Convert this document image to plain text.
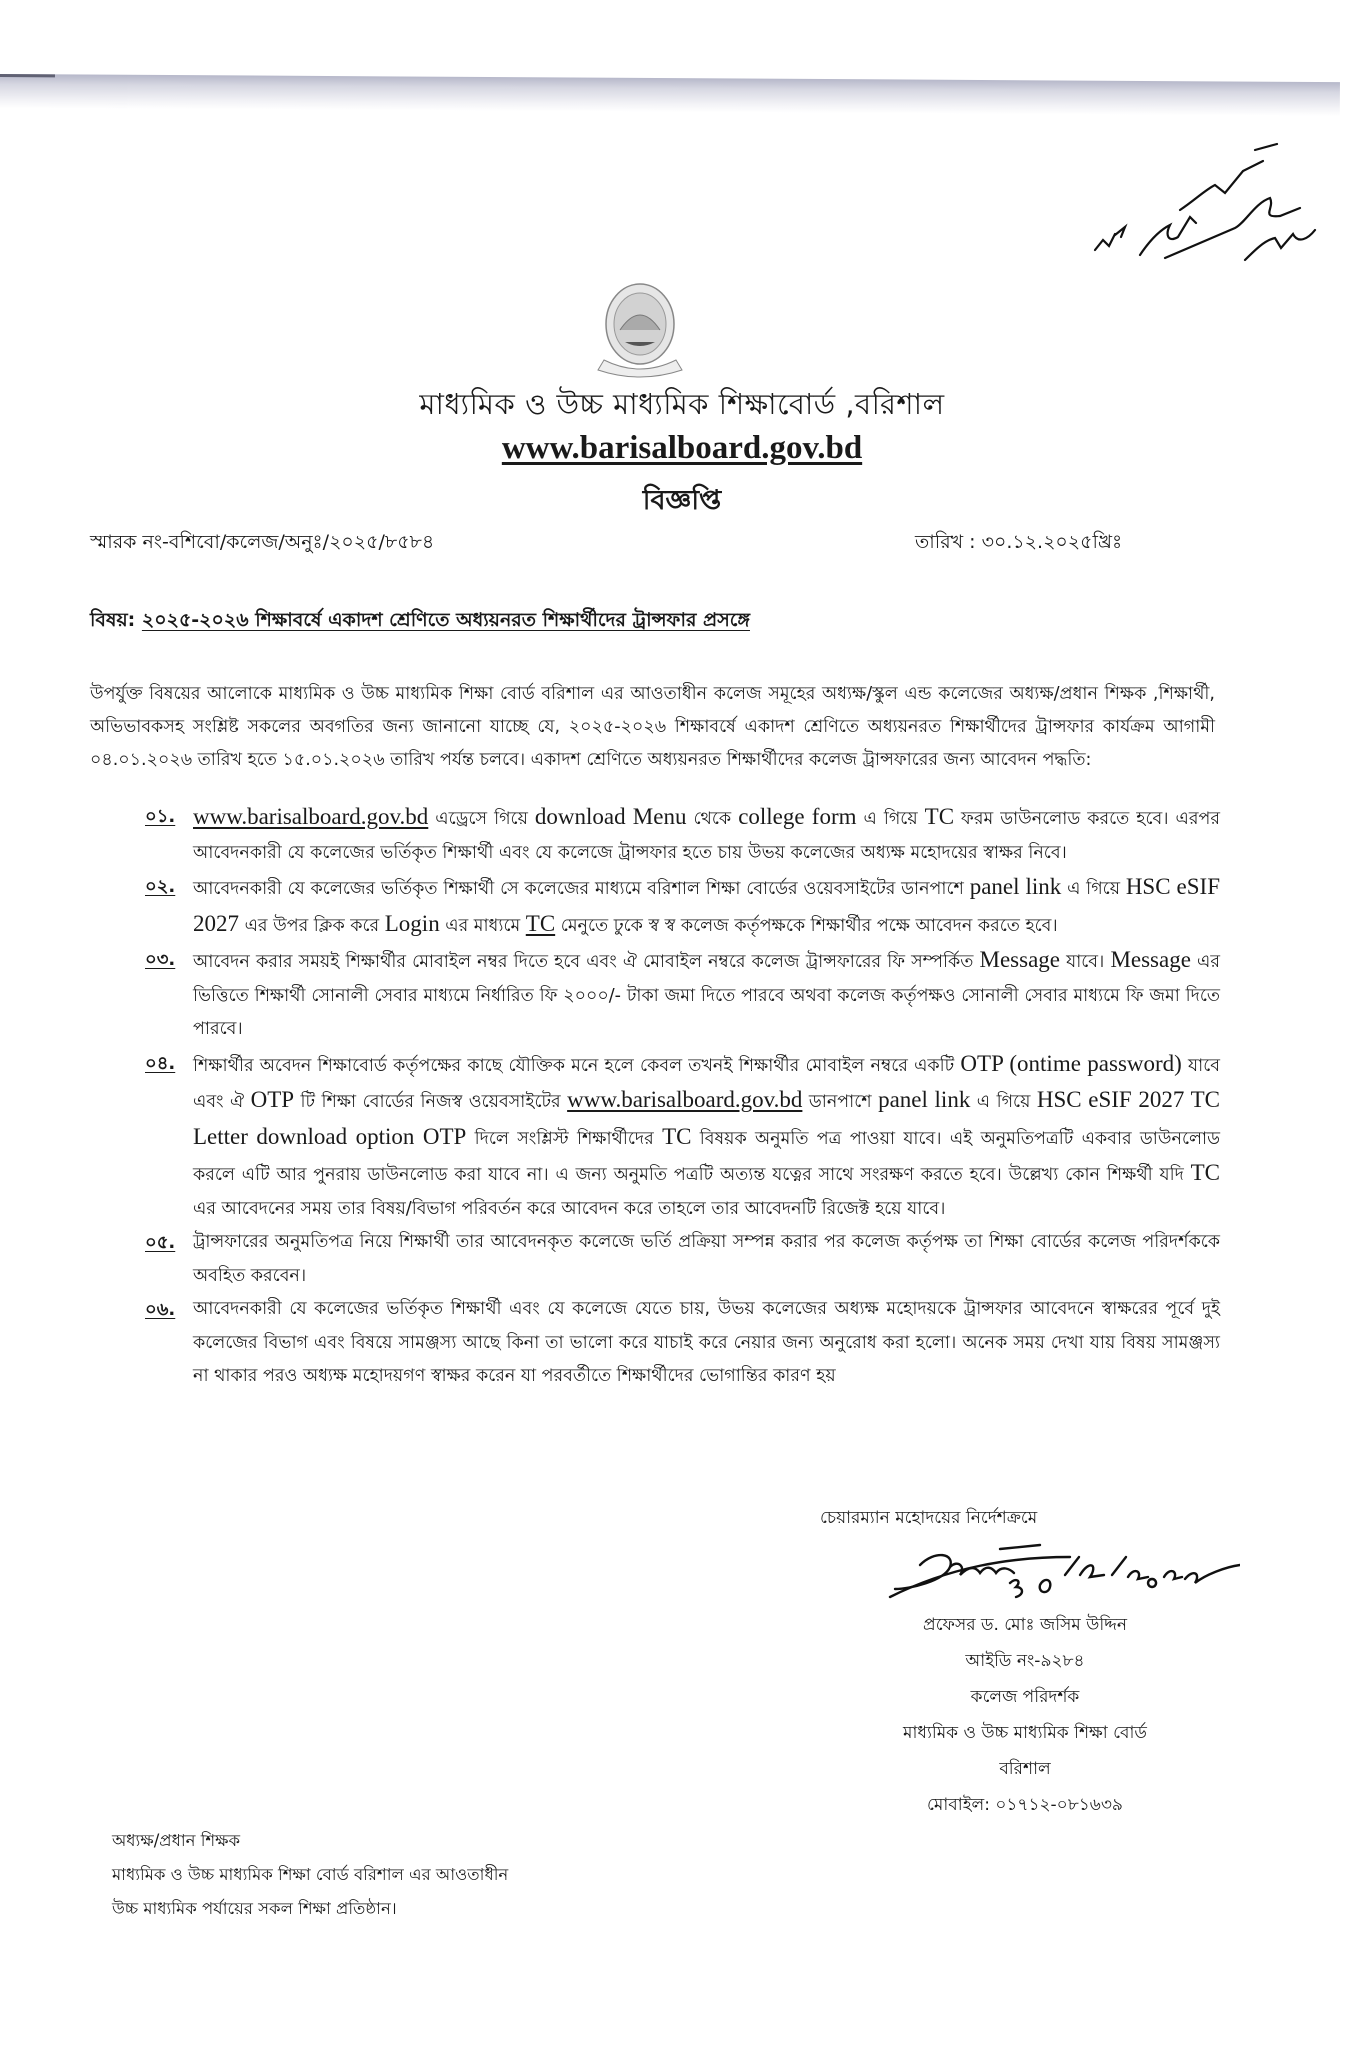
মাধ্যমিক ও উচ্চ মাধ্যমিক শিক্ষাবোর্ড ,বরিশাল
www.barisalboard.gov.bd
বিজ্ঞপ্তি
স্মারক নং-বশিবো/কলেজ/অনুঃ/২০২৫/৮৫৮৪	তারিখ : ৩০.১২.২০২৫খ্রিঃ
বিষয়: ২০২৫-২০২৬ শিক্ষাবর্ষে একাদশ শ্রেণিতে অধ্যয়নরত শিক্ষার্থীদের ট্রান্সফার প্রসঙ্গে
উপর্যুক্ত বিষয়ের আলোকে মাধ্যমিক ও উচ্চ মাধ্যমিক শিক্ষা বোর্ড বরিশাল এর আওতাধীন কলেজ সমূহের অধ্যক্ষ/স্কুল এন্ড কলেজের অধ্যক্ষ/প্রধান শিক্ষক ,শিক্ষার্থী, অভিভাবকসহ সংশ্লিষ্ট সকলের অবগতির জন্য জানানো যাচ্ছে যে, ২০২৫-২০২৬ শিক্ষাবর্ষে একাদশ শ্রেণিতে অধ্যয়নরত শিক্ষার্থীদের ট্রান্সফার কার্যক্রম আগামী ০৪.০১.২০২৬ তারিখ হতে ১৫.০১.২০২৬ তারিখ পর্যন্ত চলবে। একাদশ শ্রেণিতে অধ্যয়নরত শিক্ষার্থীদের কলেজ ট্রান্সফারের জন্য আবেদন পদ্ধতি:
০১. www.barisalboard.gov.bd এড্রেসে গিয়ে download Menu থেকে college form এ গিয়ে TC ফরম ডাউনলোড করতে হবে। এরপর আবেদনকারী যে কলেজের ভর্তিকৃত শিক্ষার্থী এবং যে কলেজে ট্রান্সফার হতে চায় উভয় কলেজের অধ্যক্ষ মহোদয়ের স্বাক্ষর নিবে।
০২.	আবেদনকারী যে কলেজের ভর্তিকৃত শিক্ষার্থী সে কলেজের মাধ্যমে বরিশাল শিক্ষা বোর্ডের ওয়েবসাইটের ডানপাশে panel link এ গিয়ে HSC eSIF 2027 এর উপর ক্লিক করে Login এর মাধ্যমে TC মেনুতে ঢুকে স্ব স্ব কলেজ কর্তৃপক্ষকে শিক্ষার্থীর পক্ষে আবেদন করতে হবে।
০৩.	আবেদন করার সময়ই শিক্ষার্থীর মোবাইল নম্বর দিতে হবে এবং ঐ মোবাইল নম্বরে কলেজ ট্রান্সফারের ফি সম্পর্কিত Message যাবে। Message এর ভিত্তিতে শিক্ষার্থী সোনালী সেবার মাধ্যমে নির্ধারিত ফি ২০০০/- টাকা জমা দিতে পারবে অথবা কলেজ কর্তৃপক্ষও সোনালী সেবার মাধ্যমে ফি জমা দিতে পারবে।
০৪.	শিক্ষার্থীর অবেদন শিক্ষাবোর্ড কর্তৃপক্ষের কাছে যৌক্তিক মনে হলে কেবল তখনই শিক্ষার্থীর মোবাইল নম্বরে একটি OTP (ontime password) যাবে এবং ঐ OTP টি শিক্ষা বোর্ডের নিজস্ব ওয়েবসাইটের www.barisalboard.gov.bd ডানপাশে panel link এ গিয়ে HSC eSIF 2027 TC Letter download option OTP দিলে সংশ্লিস্ট শিক্ষার্থীদের TC বিষয়ক অনুমতি পত্র পাওয়া যাবে। এই অনুমতিপত্রটি একবার ডাউনলোড করলে এটি আর পুনরায় ডাউনলোড করা যাবে না। এ জন্য অনুমতি পত্রটি অত্যন্ত যত্নের সাথে সংরক্ষণ করতে হবে। উল্লেখ্য কোন শিক্ষর্থী যদি TC এর আবেদনের সময় তার বিষয়/বিভাগ পরিবর্তন করে আবেদন করে তাহলে তার আবেদনটি রিজেক্ট হয়ে যাবে।
০৫.	ট্রান্সফারের অনুমতিপত্র নিয়ে শিক্ষার্থী তার আবেদনকৃত কলেজে ভর্তি প্রক্রিয়া সম্পন্ন করার পর কলেজ কর্তৃপক্ষ তা শিক্ষা বোর্ডের কলেজ পরিদর্শককে অবহিত করবেন।
০৬.	আবেদনকারী যে কলেজের ভর্তিকৃত শিক্ষার্থী এবং যে কলেজে যেতে চায়, উভয় কলেজের অধ্যক্ষ মহোদয়কে ট্রান্সফার আবেদনে স্বাক্ষরের পূর্বে দুই কলেজের বিভাগ এবং বিষয়ে সামঞ্জস্য আছে কিনা তা ভালো করে যাচাই করে নেয়ার জন্য অনুরোধ করা হলো। অনেক সময় দেখা যায় বিষয় সামঞ্জস্য না থাকার পরও অধ্যক্ষ মহোদয়গণ স্বাক্ষর করেন যা পরবর্তীতে শিক্ষার্থীদের ভোগান্তির কারণ হয়
চেয়ারম্যান মহোদয়ের নির্দেশক্রমে
প্রফেসর ড. মোঃ জসিম উদ্দিন
আইডি নং-৯২৮৪
কলেজ পরিদর্শক
মাধ্যমিক ও উচ্চ মাধ্যমিক শিক্ষা বোর্ড
বরিশাল
মোবাইল: ০১৭১২-০৮১৬৩৯
অধ্যক্ষ/প্রধান শিক্ষক
মাধ্যমিক ও উচ্চ মাধ্যমিক শিক্ষা বোর্ড বরিশাল এর আওতাধীন
উচ্চ মাধ্যমিক পর্যায়ের সকল শিক্ষা প্রতিষ্ঠান।
